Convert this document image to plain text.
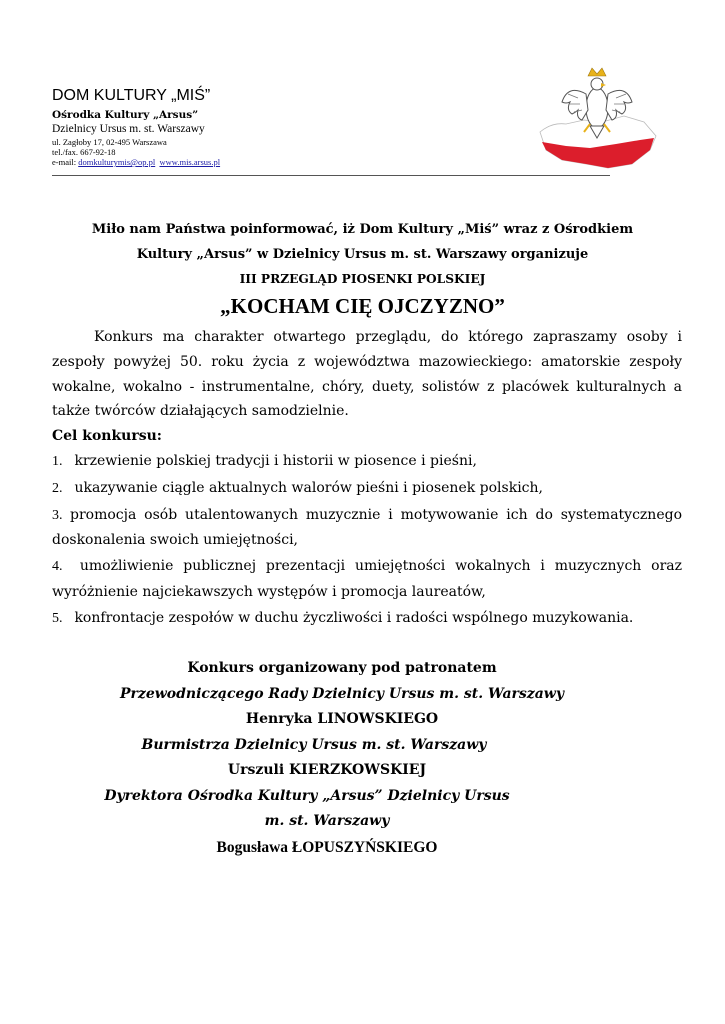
DOM KULTURY „MIŚ”
Ośrodka Kultury „Arsus”
Dzielnicy Ursus m. st. Warszawy
ul. Zagłoby 17, 02-495 Warszawa
tel./fax. 667-92-18
e-mail: domkulturymis@op.pl www.mis.arsus.pl
Miło nam Państwa poinformować, iż Dom Kultury „Miś” wraz z Ośrodkiem
Kultury „Arsus” w Dzielnicy Ursus m. st. Warszawy organizuje
III PRZEGLĄD PIOSENKI POLSKIEJ
„KOCHAM CIĘ OJCZYZNO”

Konkurs ma charakter otwartego przeglądu, do którego zapraszamy osoby i zespoły powyżej 50. roku życia z województwa mazowieckiego: amatorskie zespoły wokalne, wokalno - instrumentalne, chóry, duety, solistów z placówek kulturalnych a także twórców działających samodzielnie.

Cel konkursu:

1. krzewienie polskiej tradycji i historii w piosence i pieśni,

2. ukazywanie ciągle aktualnych walorów pieśni i piosenek polskich,

3. promocja osób utalentowanych muzycznie i motywowanie ich do systematycznego doskonalenia swoich umiejętności,

4. umożliwienie publicznej prezentacji umiejętności wokalnych i muzycznych oraz wyróżnienie najciekawszych występów i promocja laureatów,

5. konfrontacje zespołów w duchu życzliwości i radości wspólnego muzykowania.

Konkurs organizowany pod patronatem
Przewodniczącego Rady Dzielnicy Ursus m. st. Warszawy
Henryka LINOWSKIEGO
Burmistrza Dzielnicy Ursus m. st. Warszawy
Urszuli KIERZKOWSKIEJ
Dyrektora Ośrodka Kultury „Arsus” Dzielnicy Ursus
m. st. Warszawy
Bogusława ŁOPUSZYŃSKIEGO
